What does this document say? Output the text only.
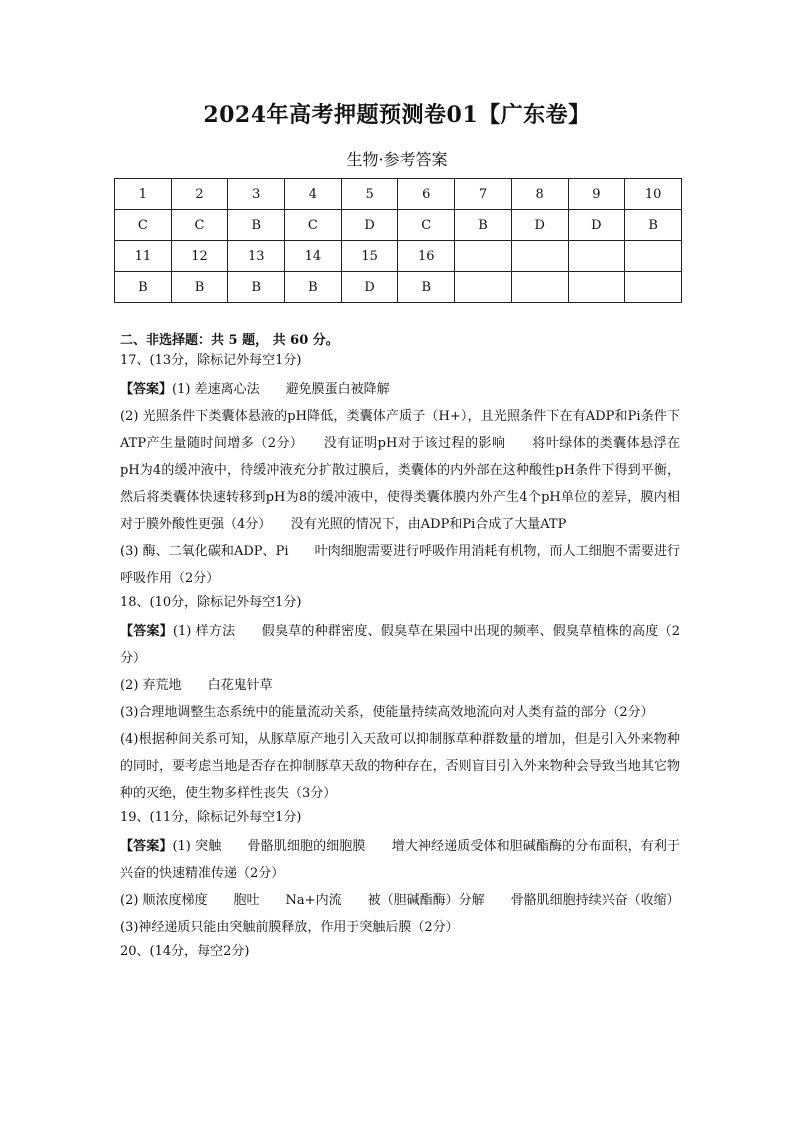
2024年高考押题预测卷01【广东卷】
生物·参考答案
1	2	3	4	5	6	7	8	9	10
C	C	B	C	D	C	B	D	D	B
11	12	13	14	15	16				
B	B	B	B	D	B				
二、非选择题：共 5 题， 共 60 分。
17、(13分，除标记外每空1分)
【答案】(1) 差速离心法 避免膜蛋白被降解
(2) 光照条件下类囊体悬液的pH降低，类囊体产质子（H+），且光照条件下在有ADP和Pi条件下ATP产生量随时间增多（2分）　　没有证明pH对于该过程的影响　　将叶绿体的类囊体悬浮在pH为4的缓冲液中，待缓冲液充分扩散过膜后，类囊体的内外部在这种酸性pH条件下得到平衡，然后将类囊体快速转移到pH为8的缓冲液中，使得类囊体膜内外产生4个pH单位的差异，膜内相对于膜外酸性更强（4分）　　没有光照的情况下，由ADP和Pi合成了大量ATP
(3) 酶、二氧化碳和ADP、Pi　　叶肉细胞需要进行呼吸作用消耗有机物，而人工细胞不需要进行呼吸作用（2分）
18、(10分，除标记外每空1分)
【答案】(1) 样方法　　假臭草的种群密度、假臭草在果园中出现的频率、假臭草植株的高度（2分）
(2) 弃荒地 白花鬼针草
(3)合理地调整生态系统中的能量流动关系，使能量持续高效地流向对人类有益的部分（2分）
(4)根据种间关系可知，从豚草原产地引入天敌可以抑制豚草种群数量的增加，但是引入外来物种的同时，要考虑当地是否存在抑制豚草天敌的物种存在，否则盲目引入外来物种会导致当地其它物种的灭绝，使生物多样性丧失（3分）
19、(11分，除标记外每空1分)
【答案】(1) 突触　　骨骼肌细胞的细胞膜　　增大神经递质受体和胆碱酯酶的分布面积，有利于兴奋的快速精准传递（2分）
(2) 顺浓度梯度　　胞吐　　Na+内流　　被（胆碱酯酶）分解　　骨骼肌细胞持续兴奋（收缩）
(3)神经递质只能由突触前膜释放，作用于突触后膜（2分）
20、(14分，每空2分)
